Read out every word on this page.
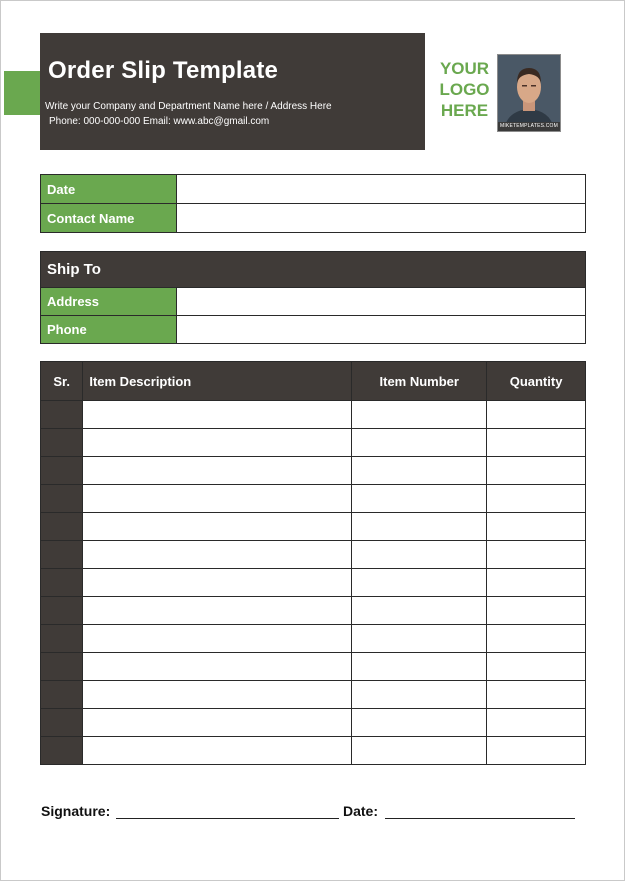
Order Slip Template
Write your Company and Department Name here / Address Here
Phone: 000-000-000 Email: www.abc@gmail.com
YOUR
LOGO
HERE
MIKETEMPLATES.COM
Date	
Contact Name	
Ship To	
Address	
Phone	
Sr.	Item Description	Item Number	Quantity

Signature:	Date:
